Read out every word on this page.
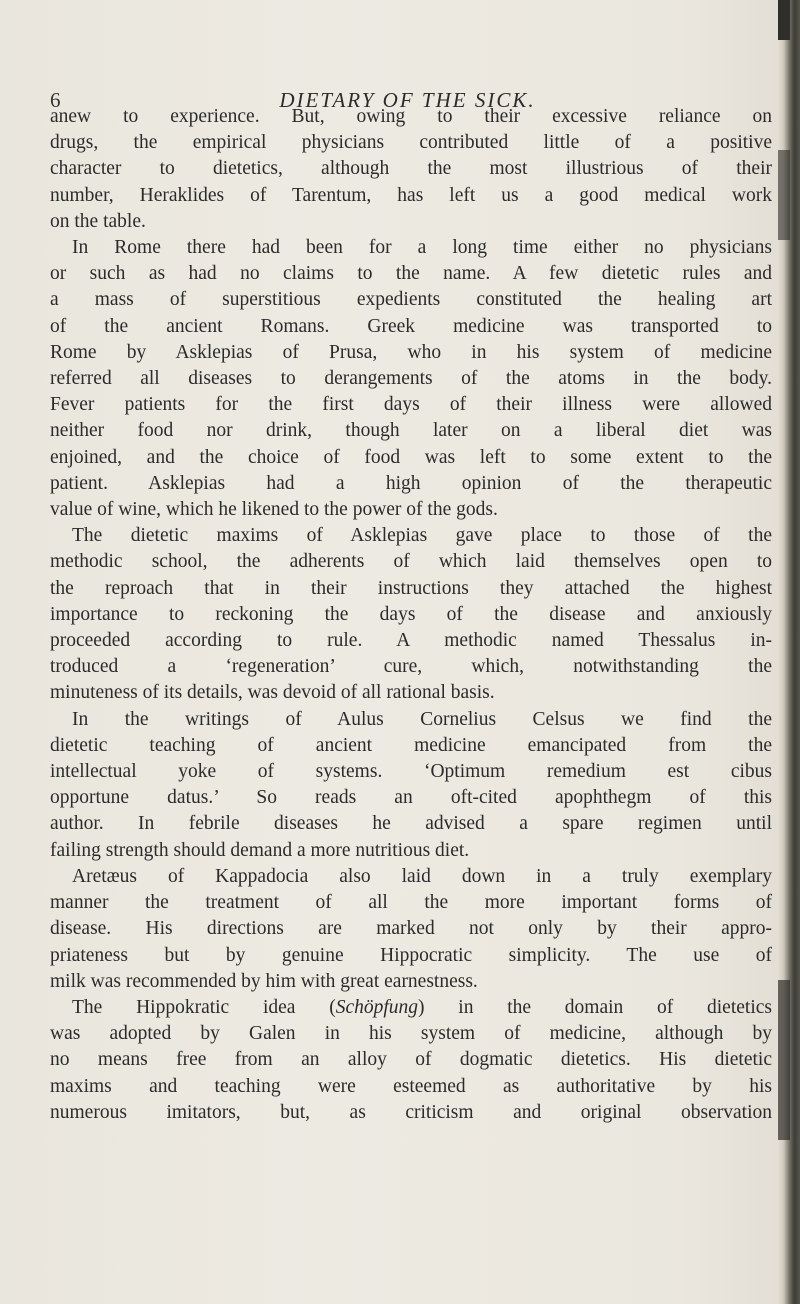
6	DIETARY OF THE SICK.

anew to experience. But, owing to their excessive reliance on
drugs, the empirical physicians contributed little of a positive
character to dietetics, although the most illustrious of their
number, Heraklides of Tarentum, has left us a good medical work
on the table.

In Rome there had been for a long time either no physicians
or such as had no claims to the name. A few dietetic rules and
a mass of superstitious expedients constituted the healing art
of the ancient Romans. Greek medicine was transported to
Rome by Asklepias of Prusa, who in his system of medicine
referred all diseases to derangements of the atoms in the body.
Fever patients for the first days of their illness were allowed
neither food nor drink, though later on a liberal diet was
enjoined, and the choice of food was left to some extent to the
patient. Asklepias had a high opinion of the therapeutic
value of wine, which he likened to the power of the gods.

The dietetic maxims of Asklepias gave place to those of the
methodic school, the adherents of which laid themselves open to
the reproach that in their instructions they attached the highest
importance to reckoning the days of the disease and anxiously
proceeded according to rule. A methodic named Thessalus in-
troduced a ‘regeneration’ cure, which, notwithstanding the
minuteness of its details, was devoid of all rational basis.

In the writings of Aulus Cornelius Celsus we find the
dietetic teaching of ancient medicine emancipated from the
intellectual yoke of systems. ‘Optimum remedium est cibus
opportune datus.’ So reads an oft-cited apophthegm of this
author. In febrile diseases he advised a spare regimen until
failing strength should demand a more nutritious diet.
Aretæus of Kappadocia also laid down in a truly exemplary
manner the treatment of all the more important forms of
disease. His directions are marked not only by their appro-
priateness but by genuine Hippocratic simplicity. The use of
milk was recommended by him with great earnestness.

The Hippokratic idea (Schöpfung) in the domain of dietetics
was adopted by Galen in his system of medicine, although by
no means free from an alloy of dogmatic dietetics. His dietetic
maxims and teaching were esteemed as authoritative by his
numerous imitators, but, as criticism and original observation
